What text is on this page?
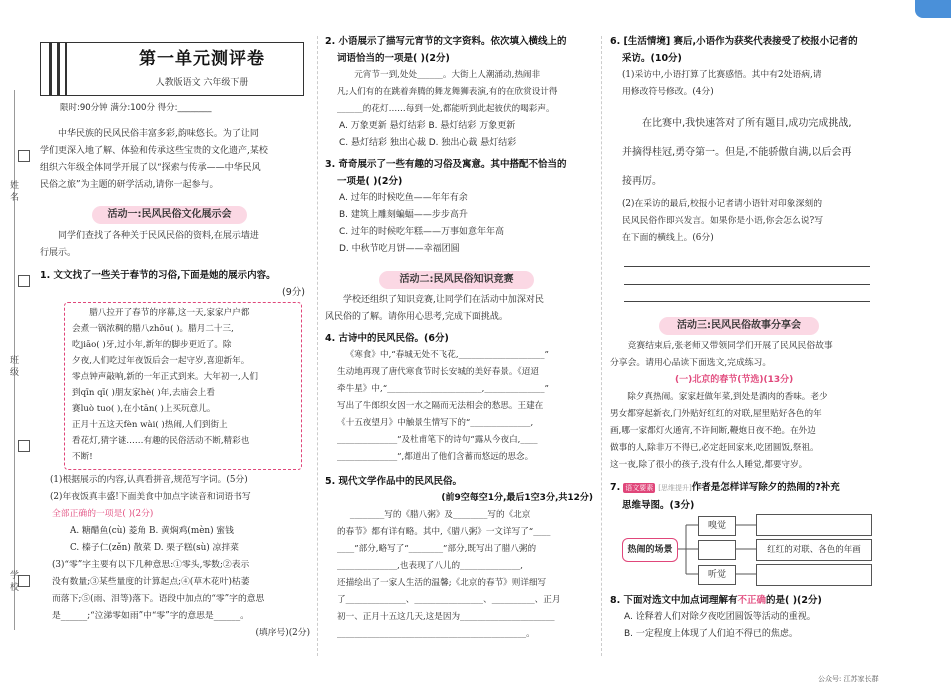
姓 名
班 级
学 校
第一单元测评卷
人教版语文 六年级下册
限时:90分钟 满分:100分 得分:________

中华民族的民风民俗丰富多彩,韵味悠长。为了让同

学们更深入地了解、体验和传承这些宝贵的文化遗产,某校

组织六年级全体同学开展了以“探索与传承——中华民风

民俗之旅”为主题的研学活动,请你一起参与。

活动一:民风民俗文化展示会

同学们查找了各种关于民风民俗的资料,在展示墙进

行展示。

1. 文文找了一些关于春节的习俗,下面是她的展示内容。

(9分)

腊八拉开了春节的序幕,这一天,家家户户都

会煮一锅浓稠的腊八zhōu( )。腊月二十三,

吃jiāo( )牙,过小年,新年的脚步更近了。除

夕夜,人们吃过年夜饭后会一起守岁,喜迎新年。

零点钟声敲响,新的一年正式到来。大年初一,人们

到qīn qī( )朋友家hè( )年,去庙会上看

赛luò tuo( ),在小tān( )上买玩意儿。

正月十五这天fèn wài( )热闹,人们到街上

看花灯,猜字谜……有趣的民俗活动不断,精彩也

不断!

(1)根据展示的内容,认真看拼音,规范写字词。(5分)

(2)年夜饭真丰盛!下面美食中加点字读音和词语书写

全部正确的一项是( )(2分)

A. 糖醋鱼(cù) 菱角 B. 黄焖鸡(mèn) 蜜钱

C. 榛子仁(zěn) 散菜 D. 栗子糕(sù) 凉拌菜

(3)“零”字主要有以下几种意思:①零头,零数;②表示

没有数量;③某些量度的计算起点;④(草木花叶)枯萎

而落下;⑤(雨、泪等)落下。语段中加点的“零”字的意思

是______;“泣涕零如雨”中“零”字的意思是______。

(填序号)(2分)

2. 小语展示了描写元宵节的文字资料。依次填入横线上的

词语恰当的一项是( )(2分)

元宵节一到,处处______。大街上人潮涌动,热闹非

凡;人们有的在跳着奔腾的舞龙舞狮表演,有的在欣赏设计得

______的花灯……每到一处,都能听到此起彼伏的喝彩声。

A. 万象更新 悬灯结彩 B. 悬灯结彩 万象更新

C. 悬灯结彩 独出心裁 D. 独出心裁 悬灯结彩

3. 奇奇展示了一些有趣的习俗及寓意。其中搭配不恰当的

一项是( )(2分)

A. 过年的时候吃鱼——年年有余

B. 建筑上雕刻蝙蝠——步步高升

C. 过年的时候吃年糕——万事如意年年高

D. 中秋节吃月饼——幸福团圆

活动二:民风民俗知识竞赛

学校还组织了知识竞赛,让同学们在活动中加深对民

风民俗的了解。请你用心思考,完成下面挑战。

4. 古诗中的民风民俗。(6分)

《寒食》中,“春城无处不飞花,____________________”

生动地再现了唐代寒食节时长安城的美好春景。《迢迢

牵牛星》中,“______________________,______________”

写出了牛郎织女因一水之隔而无法相会的愁思。王建在

《十五夜望月》中触景生情写下的“______________,

______________”及杜甫笔下的诗句“露从今夜白,____

______________”,都道出了他们含蓄而悠远的思念。

5. 现代文学作品中的民风民俗。

(前9空每空1分,最后1空3分,共12分)

________写的《腊八粥》及________写的《北京

的春节》都有详有略。其中,《腊八粥》一文详写了“____

____”部分,略写了“________”部分,既写出了腊八粥的

______________,也表现了八儿的______________,

还描绘出了一家人生活的温馨;《北京的春节》则详细写

了______________、________________、__________、正月

初一、正月十五这几天,这是因为______________________

____________________________________________。

6. [生活情境] 赛后,小语作为获奖代表接受了校报小记者的

采访。(10分)

(1)采访中,小语打算了比赛感悟。其中有2处语病,请

用修改符号修改。(4分)

在比赛中,我快速答对了所有题目,成功完成挑战,

并摘得桂冠,勇夺第一。但是,不能骄傲自满,以后会再

接再厉。

(2)在采访的最后,校报小记者请小语针对印象深刻的

民风民俗作即兴发言。如果你是小语,你会怎么说?写

在下面的横线上。(6分)

活动三:民风民俗故事分享会

竞赛结束后,张老师又带领同学们开展了民风民俗故事

分享会。请用心品读下面选文,完成练习。

(一)北京的春节(节选)(13分)

除夕真热闹。家家赶做年菜,到处是酒肉的香味。老少

男女都穿起新衣,门外贴好红红的对联,屋里贴好各色的年

画,哪一家都灯火通宵,不许间断,鞭炮日夜不绝。在外边

做事的人,除非万不得已,必定赶回家来,吃团圆饭,祭祖。

这一夜,除了很小的孩子,没有什么人睡觉,都要守岁。

7. 语文要素 [思维提升]作者是怎样详写除夕的热闹的?补充

思维导图。(3分)

热闹的场景
嗅觉
听觉
红红的对联、各色的年画

8. 下面对选文中加点词理解有不正确的是( )(2分)

A. 诠释着人们对除夕夜吃团圆饭等活动的重视。

B. 一定程度上体现了人们迫不得已的焦虑。

公众号: 江苏家长群
